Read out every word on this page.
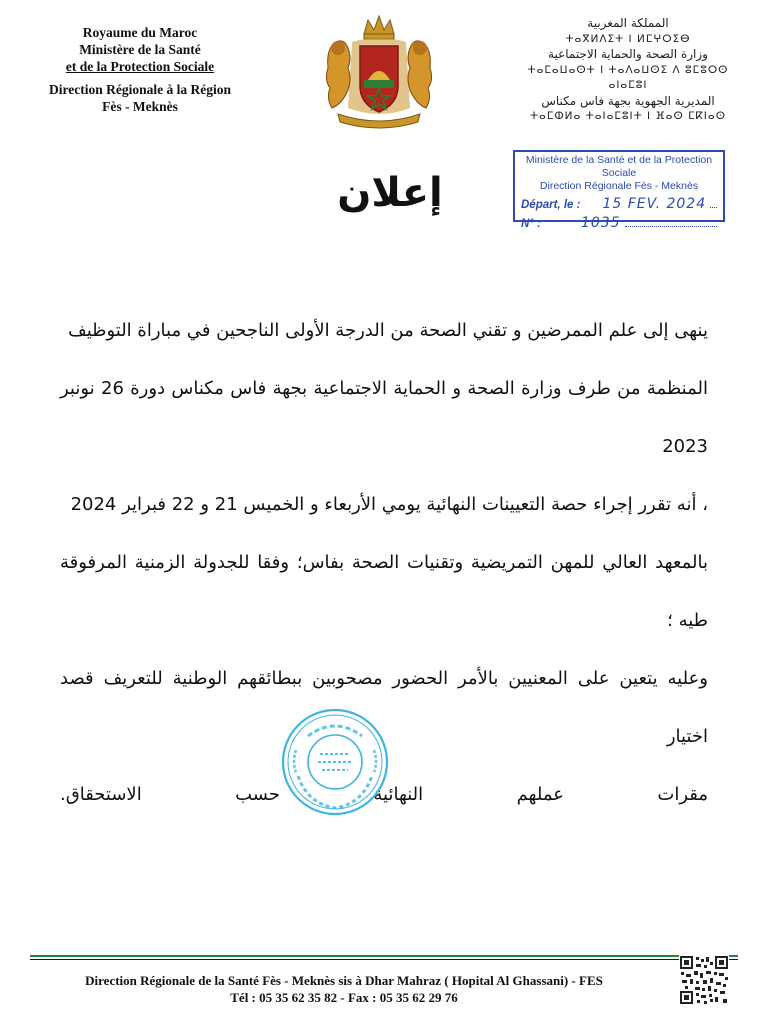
Royaume du Maroc
Ministère de la Santé
et de la Protection Sociale
Direction Régionale à la Région
Fès - Meknès
المملكة المغربية
ⵜⴰⴳⵍⴷⵉⵜ ⵏ ⵍⵎⵖⵔⵉⴱ
وزارة الصحة والحماية الاجتماعية
ⵜⴰⵎⴰⵡⴰⵙⵜ ⵏ ⵜⴰⴷⴰⵡⵙⵉ ⴷ ⵓⵎⵓⵔⵙ ⴰⵏⴰⵎⵓⵏ
المديرية الجهوية بجهة فاس مكناس
ⵜⴰⵎⵀⵍⴰ ⵜⴰⵏⴰⵎⵓⵏⵜ ⵏ ⴼⴰⵙ ⵎⴽⵏⴰⵙ
Ministère de la Santé et de la Protection Sociale
Direction Régionale Fès - Meknès
Départ, le : 15 FEV. 2024
N° :	1035
إعلان

ينهى إلى علم الممرضين و تقني الصحة من الدرجة الأولى الناجحين في مباراة التوظيف

المنظمة من طرف وزارة الصحة و الحماية الاجتماعية بجهة فاس مكناس دورة 26 نونبر 2023

، أنه تقرر إجراء حصة التعيينات النهائية يومي الأربعاء و الخميس 21 و 22 فبراير 2024

بالمعهد العالي للمهن التمريضية وتقنيات الصحة بفاس؛ وفقا للجدولة الزمنية المرفوقة طيه ؛

وعليه يتعين على المعنيين بالأمر الحضور مصحوبين ببطائقهم الوطنية للتعريف قصد اختيار

مقرات
عملهم
النهائية
حسب
الاستحقاق.

Direction Régionale de la Santé Fès - Meknès sis à Dhar Mahraz ( Hopital Al Ghassani) - FES
Tél : 05 35 62 35 82 - Fax : 05 35 62 29 76
